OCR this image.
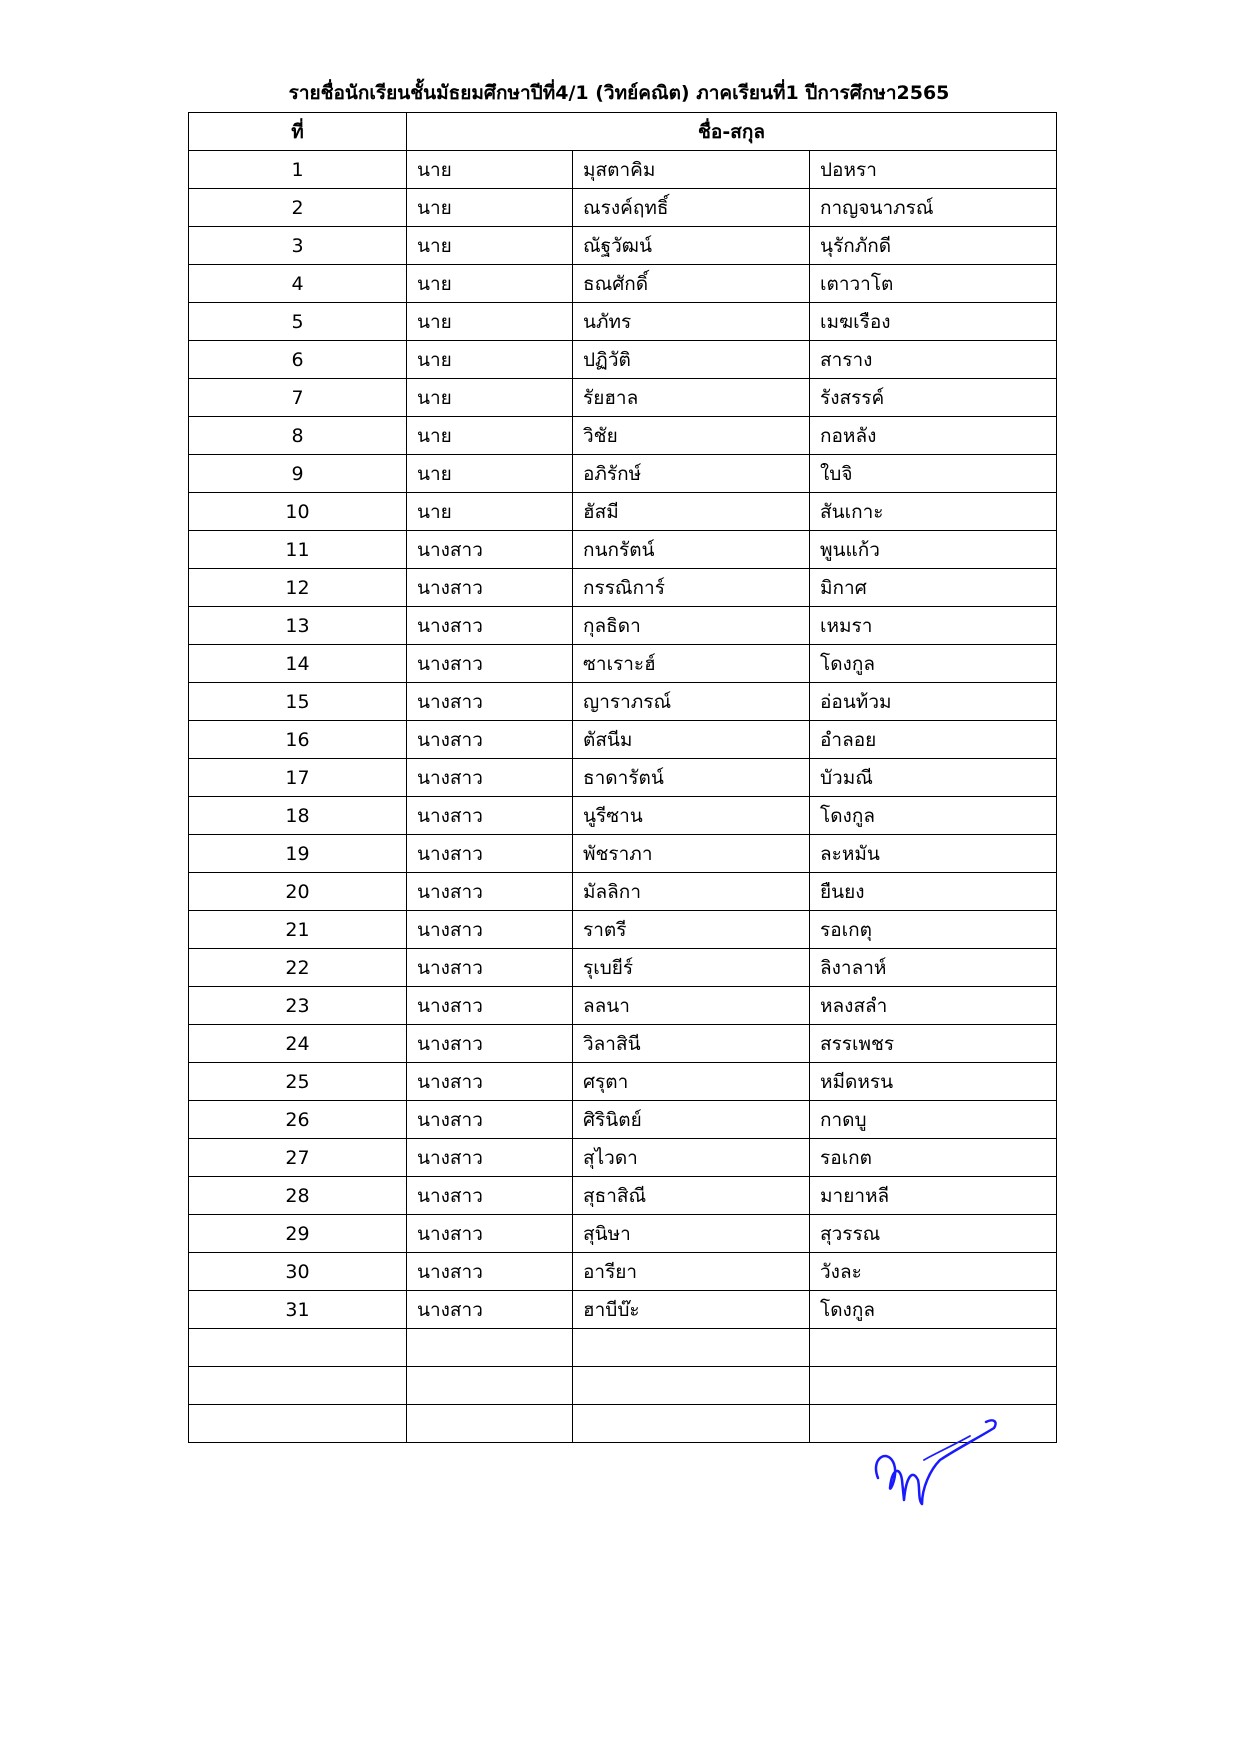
รายชื่อนักเรียนชั้นมัธยมศึกษาปีที่4/1 (วิทย์คณิต) ภาคเรียนที่1 ปีการศึกษา2565
ที่	ชื่อ-สกุล		
1	นาย	มุสตาคิม	ปอหรา
2	นาย	ณรงค์ฤทธิ์	กาญจนาภรณ์
3	นาย	ณัฐวัฒน์	นุรักภักดี
4	นาย	ธณศักดิ์	เตาวาโต
5	นาย	นภัทร	เมฆเรือง
6	นาย	ปฏิวัติ	สาราง
7	นาย	รัยฮาล	รังสรรค์
8	นาย	วิชัย	กอหลัง
9	นาย	อภิรักษ์	ใบจิ
10	นาย	ฮัสมี	สันเกาะ
11	นางสาว	กนกรัตน์	พูนแก้ว
12	นางสาว	กรรณิการ์	มิกาศ
13	นางสาว	กุลธิดา	เหมรา
14	นางสาว	ซาเราะฮ์	โดงกูล
15	นางสาว	ญาราภรณ์	อ่อนท้วม
16	นางสาว	ตัสนีม	อำลอย
17	นางสาว	ธาดารัตน์	บัวมณี
18	นางสาว	นูรีซาน	โดงกูล
19	นางสาว	พัชราภา	ละหมัน
20	นางสาว	มัลลิกา	ยืนยง
21	นางสาว	ราตรี	รอเกตุ
22	นางสาว	รุเบยีร์	ลิงาลาห์
23	นางสาว	ลลนา	หลงสลำ
24	นางสาว	วิลาสินี	สรรเพชร
25	นางสาว	ศรุตา	หมีดหรน
26	นางสาว	ศิรินิตย์	กาดบู
27	นางสาว	สุไวดา	รอเกต
28	นางสาว	สุธาสิณี	มายาหลี
29	นางสาว	สุนิษา	สุวรรณ
30	นางสาว	อารียา	วังละ
31	นางสาว	ฮาบีบ๊ะ	โดงกูล
